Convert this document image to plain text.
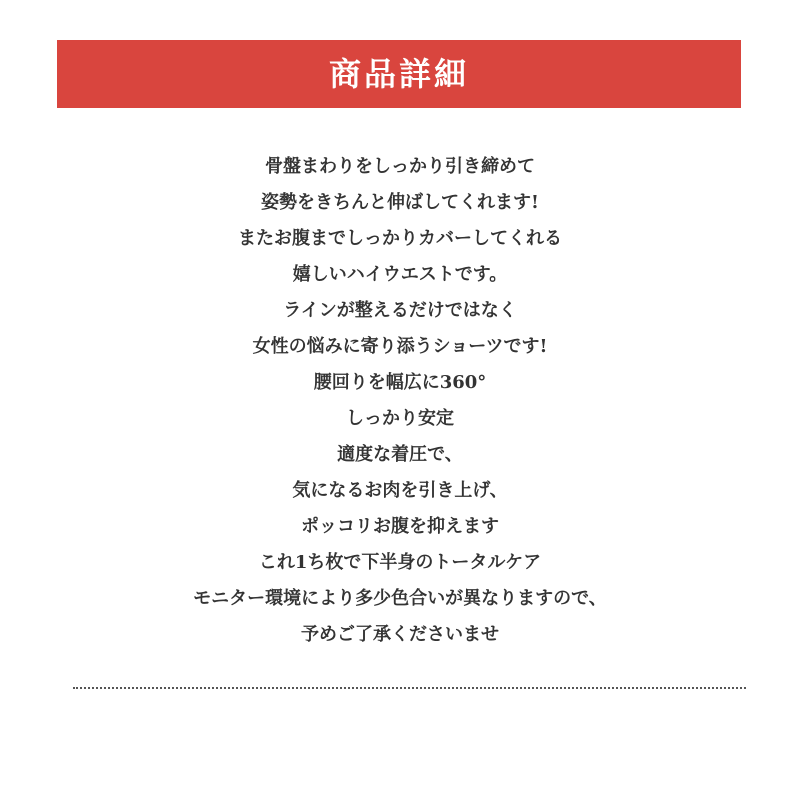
商品詳細
骨盤まわりをしっかり引き締めて
姿勢をきちんと伸ばしてくれます!
またお腹までしっかりカバーしてくれる
嬉しいハイウエストです。
ラインが整えるだけではなく
女性の悩みに寄り添うショーツです!
腰回りを幅広に360°
しっかり安定
適度な着圧で、
気になるお肉を引き上げ、
ポッコリお腹を抑えます
これ1ち枚で下半身のトータルケア
モニター環境により多少色合いが異なりますので、
予めご了承くださいませ
